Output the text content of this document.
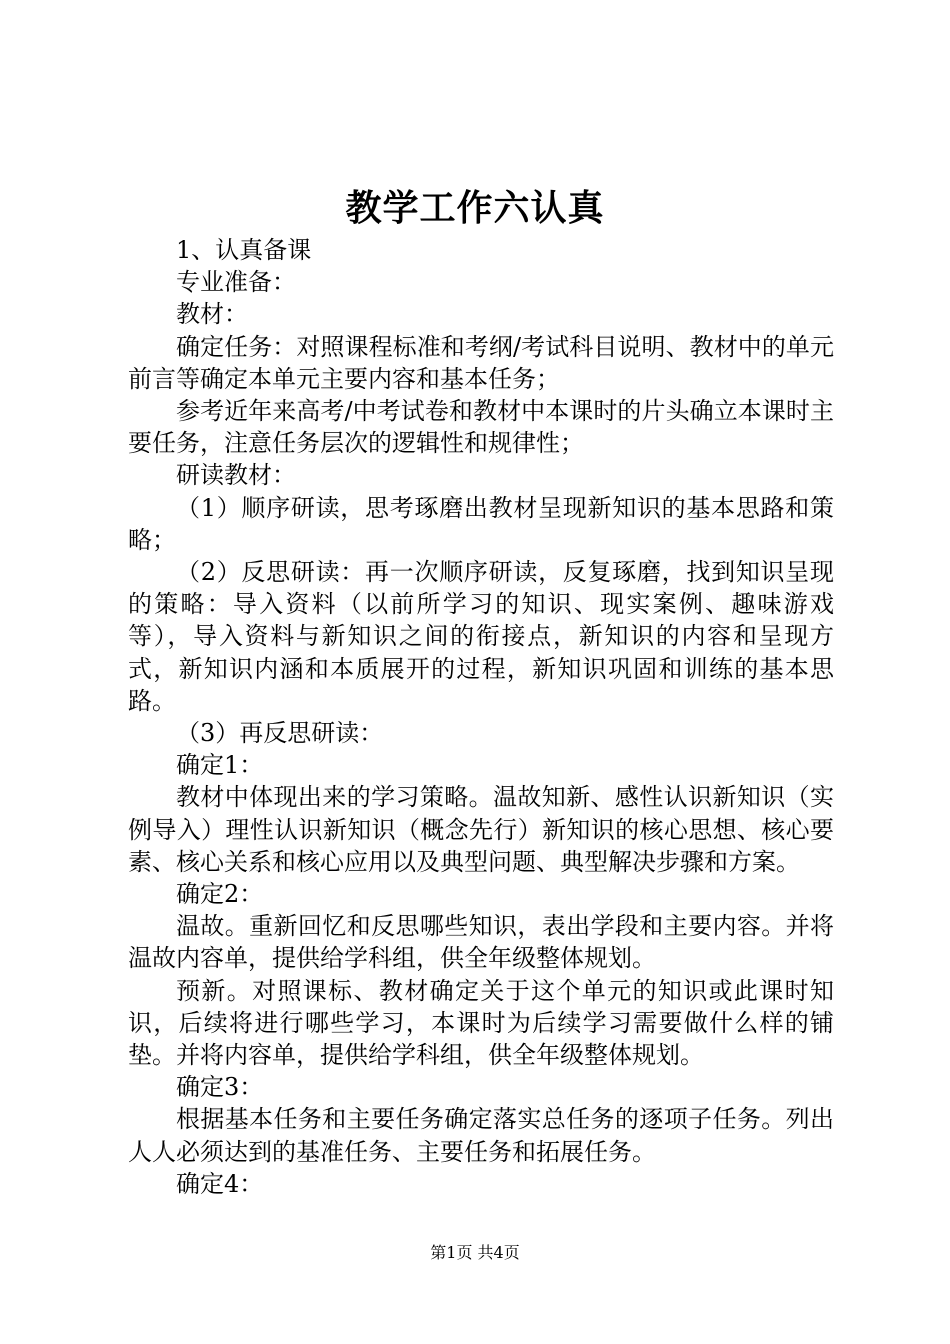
教学工作六认真

1、认真备课

专业准备：

教材：

确定任务：对照课程标准和考纲/考试科目说明、教材中的单元前言等确定本单元主要内容和基本任务；

参考近年来高考/中考试卷和教材中本课时的片头确立本课时主要任务，注意任务层次的逻辑性和规律性；

研读教材：

（1）顺序研读，思考琢磨出教材呈现新知识的基本思路和策略；

（2）反思研读：再一次顺序研读，反复琢磨，找到知识呈现的策略：导入资料（以前所学习的知识、现实案例、趣味游戏等），导入资料与新知识之间的衔接点，新知识的内容和呈现方式，新知识内涵和本质展开的过程，新知识巩固和训练的基本思路。

（3）再反思研读：

确定1：

教材中体现出来的学习策略。温故知新、感性认识新知识（实例导入）理性认识新知识（概念先行）新知识的核心思想、核心要素、核心关系和核心应用以及典型问题、典型解决步骤和方案。

确定2：

温故。重新回忆和反思哪些知识，表出学段和主要内容。并将温故内容单，提供给学科组，供全年级整体规划。

预新。对照课标、教材确定关于这个单元的知识或此课时知识，后续将进行哪些学习，本课时为后续学习需要做什么样的铺垫。并将内容单，提供给学科组，供全年级整体规划。

确定3：

根据基本任务和主要任务确定落实总任务的逐项子任务。列出人人必须达到的基准任务、主要任务和拓展任务。

确定4：

第1页 共4页
